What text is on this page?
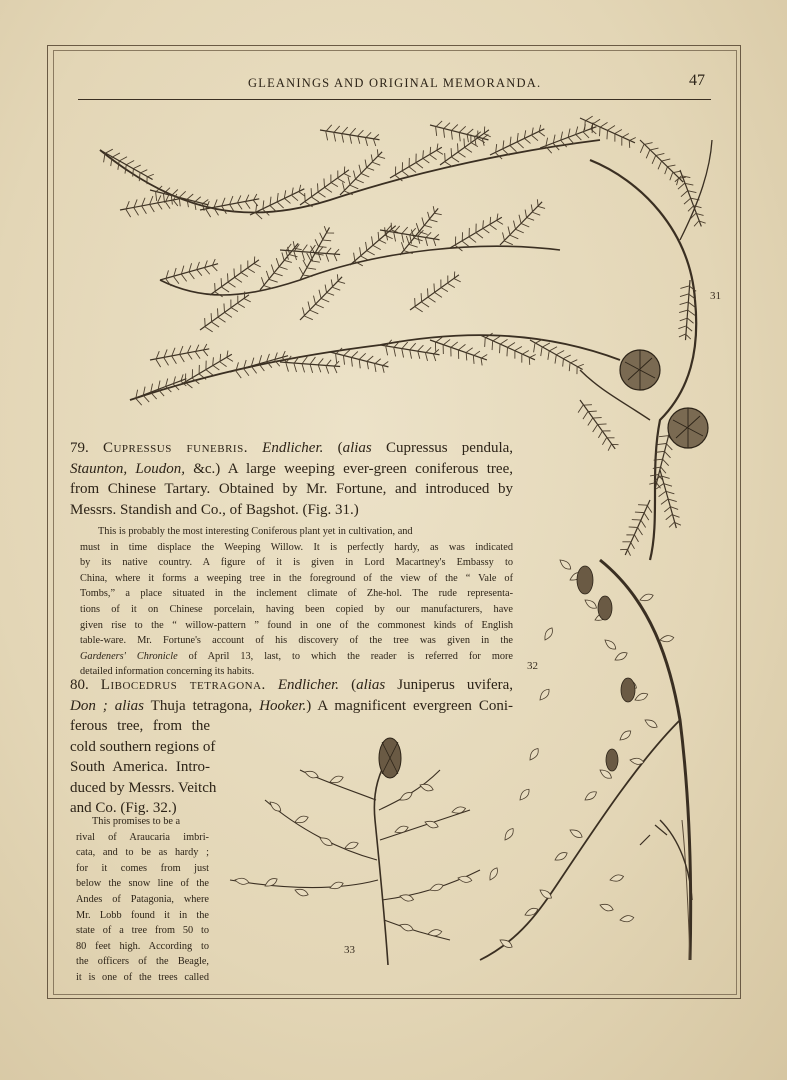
GLEANINGS AND ORIGINAL MEMORANDA.	47
31
32
33
79. Cupressus funebris. Endlicher. (alias Cupressus pendula,
Staunton, Loudon, &c.) A large weeping ever-green coniferous tree,
from Chinese Tartary. Obtained by Mr. Fortune, and introduced by
Messrs. Standish and Co., of Bagshot. (Fig. 31.)
This is probably the most interesting Coniferous plant yet in cultivation, and
must in time displace the Weeping Willow. It is perfectly hardy, as was indicated
by its native country. A figure of it is given in Lord Macartney's Embassy to
China, where it forms a weeping tree in the foreground of the view of the “ Vale of
Tombs,” a place situated in the inclement climate of Zhe-hol. The rude representa-
tions of it on Chinese porcelain, having been copied by our manufacturers, have
given rise to the “ willow-pattern ” found in one of the commonest kinds of English
table-ware. Mr. Fortune's account of his discovery of the tree was given in the
Gardeners' Chronicle of April 13, last, to which the reader is referred for more
detailed information concerning its habits.
80. Libocedrus tetragona. Endlicher. (alias Juniperus uvifera,
Don ; alias Thuja tetragona, Hooker.) A magnificent evergreen Coni-
ferous tree, from the
cold southern regions of
South America. Intro-
duced by Messrs. Veitch
and Co. (Fig. 32.)
This promises to be a
rival of Araucaria imbri-
cata, and to be as hardy ;
for it comes from just
below the snow line of the
Andes of Patagonia, where
Mr. Lobb found it in the
state of a tree from 50 to
80 feet high. According to
the officers of the Beagle,
it is one of the trees called
